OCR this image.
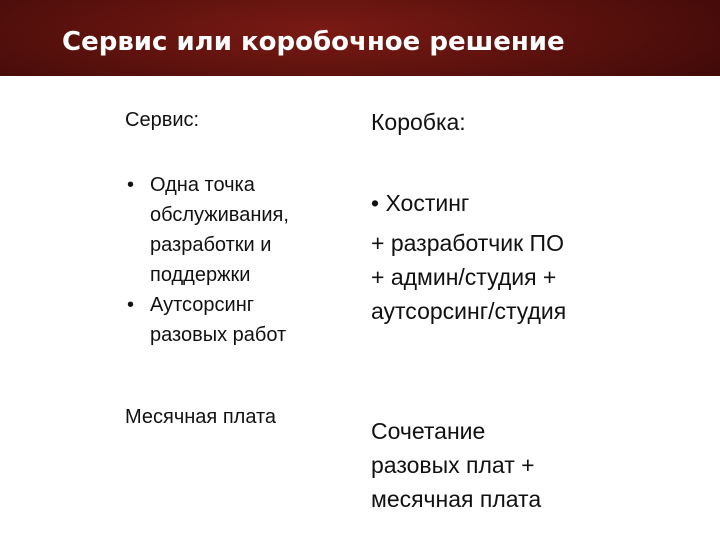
Сервис или коробочное решение
Сервис:	Коробка:
• Одна точка
обслуживания,
разработки и
поддержки
• Аутсорсинг
разовых работ
• Хостинг
+ разработчик ПО
+ админ/студия +
аутсорсинг/студия
Месячная плата
Сочетание
разовых плат +
месячная плата
